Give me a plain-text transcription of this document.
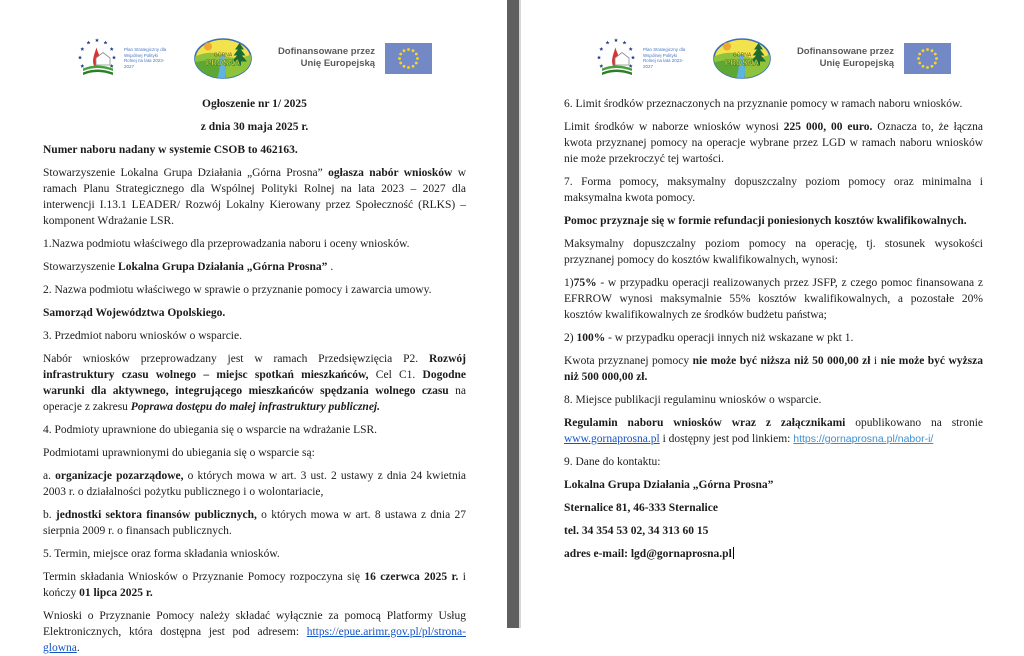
Plan Strategiczny dla Wspólnej Polityki Rolnej na lata 2023-2027
GÓRNA
PROSNA
Dofinansowane przez
Unię Europejską

Ogłoszenie nr 1/ 2025

z dnia 30 maja 2025 r.

Numer naboru nadany w systemie CSOB to 462163.

Stowarzyszenie Lokalna Grupa Działania „Górna Prosna” ogłasza nabór wniosków w ramach Planu Strategicznego dla Wspólnej Polityki Rolnej na lata 2023 – 2027 dla interwencji I.13.1 LEADER/ Rozwój Lokalny Kierowany przez Społeczność (RLKS) – komponent Wdrażanie LSR.

1.Nazwa podmiotu właściwego dla przeprowadzania naboru i oceny wniosków.

Stowarzyszenie Lokalna Grupa Działania „Górna Prosna” .

2. Nazwa podmiotu właściwego w sprawie o przyznanie pomocy i zawarcia umowy.

Samorząd Województwa Opolskiego.

3. Przedmiot naboru wniosków o wsparcie.

Nabór wniosków przeprowadzany jest w ramach Przedsięwzięcia P2. Rozwój infrastruktury czasu wolnego – miejsc spotkań mieszkańców, Cel C1. Dogodne warunki dla aktywnego, integrującego mieszkańców spędzania wolnego czasu na operacje z zakresu Poprawa dostępu do małej infrastruktury publicznej.

4. Podmioty uprawnione do ubiegania się o wsparcie na wdrażanie LSR.

Podmiotami uprawnionymi do ubiegania się o wsparcie są:

a. organizacje pozarządowe, o których mowa w art. 3 ust. 2 ustawy z dnia 24 kwietnia 2003 r. o działalności pożytku publicznego i o wolontariacie,

b. jednostki sektora finansów publicznych, o których mowa w art. 8 ustawa z dnia 27 sierpnia 2009 r. o finansach publicznych.

5. Termin, miejsce oraz forma składania wniosków.

Termin składania Wniosków o Przyznanie Pomocy rozpoczyna się 16 czerwca 2025 r. i kończy 01 lipca 2025 r.

Wnioski o Przyznanie Pomocy należy składać wyłącznie za pomocą Platformy Usług Elektronicznych, która dostępna jest pod adresem: https://epue.arimr.gov.pl/pl/strona-glowna.

Plan Strategiczny dla Wspólnej Polityki Rolnej na lata 2023-2027
GÓRNA
PROSNA
Dofinansowane przez
Unię Europejską

6. Limit środków przeznaczonych na przyznanie pomocy w ramach naboru wniosków.

Limit środków w naborze wniosków wynosi 225 000, 00 euro. Oznacza to, że łączna kwota przyznanej pomocy na operacje wybrane przez LGD w ramach naboru wniosków nie może przekroczyć tej wartości.

7. Forma pomocy, maksymalny dopuszczalny poziom pomocy oraz minimalna i maksymalna kwota pomocy.

Pomoc przyznaje się w formie refundacji poniesionych kosztów kwalifikowalnych.

Maksymalny dopuszczalny poziom pomocy na operację, tj. stosunek wysokości przyznanej pomocy do kosztów kwalifikowalnych, wynosi:

1)75% - w przypadku operacji realizowanych przez JSFP, z czego pomoc finansowana z EFRROW wynosi maksymalnie 55% kosztów kwalifikowalnych, a pozostałe 20% kosztów kwalifikowalnych ze środków budżetu państwa;

2) 100% - w przypadku operacji innych niż wskazane w pkt 1.

Kwota przyznanej pomocy nie może być niższa niż 50 000,00 zł i nie może być wyższa niż 500 000,00 zł.

8. Miejsce publikacji regulaminu wniosków o wsparcie.

Regulamin naboru wniosków wraz z załącznikami opublikowano na stronie www.gornaprosna.pl i dostępny jest pod linkiem: https://gornaprosna.pl/nabor-i/

9. Dane do kontaktu:

Lokalna Grupa Działania „Górna Prosna”

Sternalice 81, 46-333 Sternalice

tel. 34 354 53 02, 34 313 60 15

adres e-mail: lgd@gornaprosna.pl
